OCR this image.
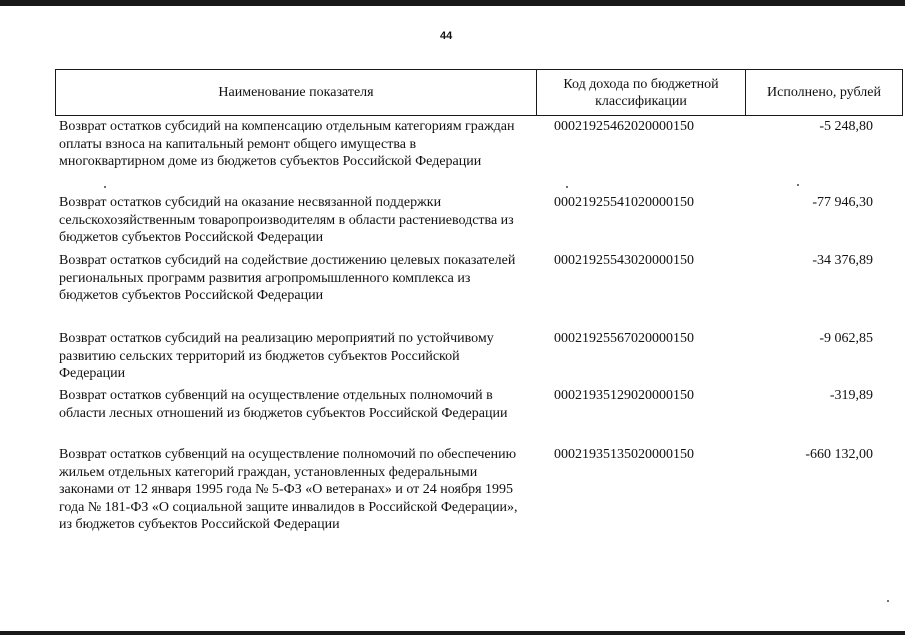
44
Наименование показателя	Код дохода по бюджетной классификации	Исполнено, рублей
Возврат остатков субсидий на компенсацию отдельным категориям граждан оплаты взноса на капитальный ремонт общего имущества в многоквартирном доме из бюджетов субъектов Российской Федерации
00021925462020000150	-5 248,80
Возврат остатков субсидий на оказание несвязанной поддержки сельскохозяйственным товаропроизводителям в области растениеводства из бюджетов субъектов Российской Федерации
00021925541020000150	-77 946,30
Возврат остатков субсидий на содействие достижению целевых показателей региональных программ развития агропромышленного комплекса из бюджетов субъектов Российской Федерации
00021925543020000150	-34 376,89
Возврат остатков субсидий на реализацию мероприятий по устойчивому развитию сельских территорий из бюджетов субъектов Российской Федерации
00021925567020000150	-9 062,85
Возврат остатков субвенций на осуществление отдельных полномочий в области лесных отношений из бюджетов субъектов Российской Федерации
00021935129020000150	-319,89
Возврат остатков субвенций на осуществление полномочий по обеспечению жильем отдельных категорий граждан, установленных федеральными законами от 12 января 1995 года № 5-ФЗ «О ветеранах» и от 24 ноября 1995 года № 181-ФЗ «О социальной защите инвалидов в Российской Федерации», из бюджетов субъектов Российской Федерации
00021935135020000150	-660 132,00
